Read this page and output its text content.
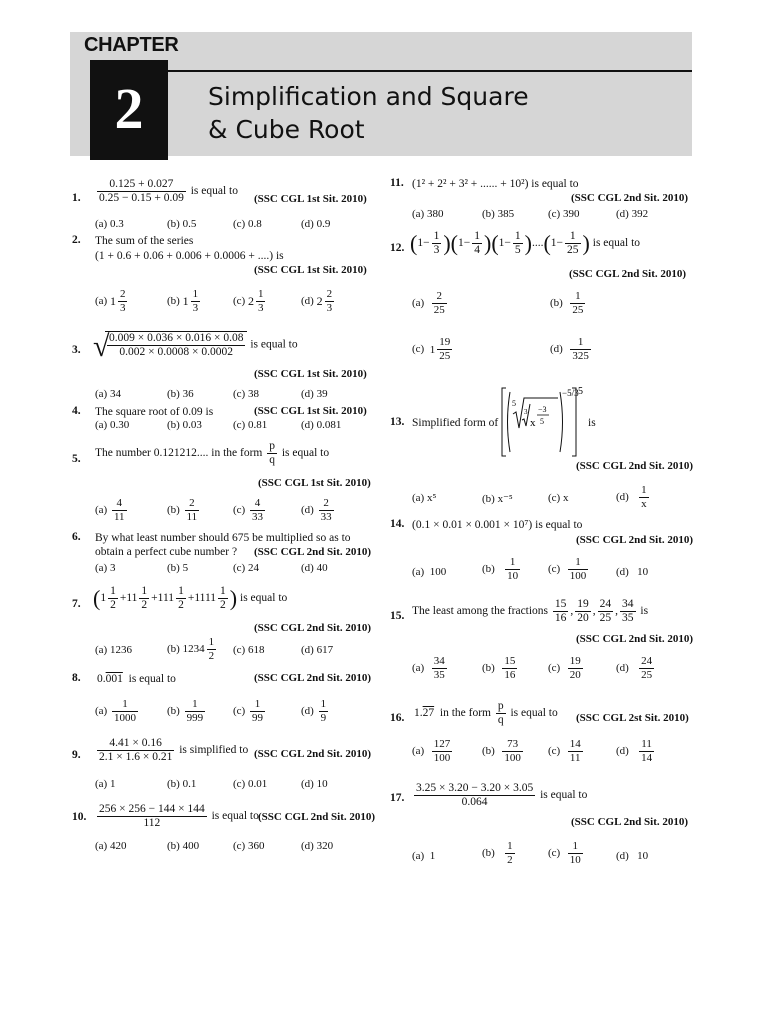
CHAPTER
2	Simplification and Square
& Cube Root
1. $\frac{0.125 + 0.027}{0.25 - 0.15 + 0.09}$ is equal to
(SSC CGL 1st Sit. 2010)
(a) 0.3	(b) 0.5	(c) 0.8	(d) 0.9
2. The sum of the series
(1 + 0.6 + 0.06 + 0.006 + 0.0006 + ....) is
(SSC CGL 1st Sit. 2010)
(a) $1 \frac{2}{3}$	(b) $1 \frac{1}{3}$	(c) $2 \frac{1}{3}$	(d) $2 \frac{2}{3}$
3. √
$\frac{0.009 \times 0.036 \times 0.016 \times 0.08}{0.002 \times 0.0008 \times 0.0002}$ is equal to
(SSC CGL 1st Sit. 2010)
(a) 34	(b) 36	(c) 38	(d) 39
4. The square root of 0.09 is	(SSC CGL 1st Sit. 2010)
(a) 0.30	(b) 0.03	(c) 0.81	(d) 0.081
5. The number 0.121212.... in the form $\frac{p}{q}$ is equal to
(SSC CGL 1st Sit. 2010)
$(a) \frac{4}{11}$	$(b) \frac{2}{11}$	$(c) \frac{4}{33}$	$(d) \frac{2}{33}$
6. By what least number should 675 be multiplied so as to
obtain a perfect cube number ? (SSC CGL 2nd Sit. 2010)
(a) 3	(b) 5	(c) 24	(d) 40
7. ($1 \frac{1}{2} +11 \frac{1}{2} +111 \frac{1}{2} +1111 \frac{1}{2}$ ) is equal to
(SSC CGL 2nd Sit. 2010)
(a) 1236	(b) $1234 \frac{1}{2} (c)$ 618	(d) 617
8. 0.001 is equal to	(SSC CGL 2nd Sit. 2010)
$(a) \frac{1}{1000}$	$(b) \frac{1}{999}$	$(c) \frac{1}{99}$	$(d) \frac{1}{9}$
9. $\frac{4.41 \times 0.16}{2.1 \times 1.6 \times 0.21}$ is simplified to (SSC CGL 2nd Sit. 2010)
(a) 1	(b) 0.1	(c) 0.01	(d) 10
10. $\frac{256 \times 256 - 144 \times 144}{112}$ is equal to (SSC CGL 2nd Sit. 2010)
(a) 420	(b) 400	(c) 360	(d) 320
11. (1² + 2² + 3² + ...... + 10²) is equal to
(SSC CGL 2nd Sit. 2010)
(a) 380	(b) 385	(c) 390	(d) 392
12. $(1- \frac{1}{3} )(1- \frac{1}{4} )(1- \frac{1}{5} )....(1- \frac{1}{25}$ ) is equal to
(SSC CGL 2nd Sit. 2010)
$(a) \frac{2}{25}$	$(b) \frac{1}{25}$
(c) $1 \frac{19}{25}$	$(d) \frac{1}{325}$
13. Simplified form of
5
3
x
−3
5
−5/3 5
is
(SSC CGL 2nd Sit. 2010)
(a) x⁵	(b) x⁻⁵	(c) x	$(d) \frac{1}{x}$
14. (0.1 × 0.01 × 0.001 × 10⁷) is equal to
(SSC CGL 2nd Sit. 2010)
(a) 100	$(b) \frac{1}{10}$	$(c) \frac{1}{100}$	(d) 10
15. The least among the fractions $\frac{15}{16}$ , $\frac{19}{20}$ , $\frac{24}{25}$ , $\frac{34}{35}$ is
(SSC CGL 2nd Sit. 2010)
$(a) \frac{34}{35}$	$(b) \frac{15}{16}$	$(c) \frac{19}{20}$	$(d) \frac{24}{25}$
16. 1.27 in the form $\frac{p}{q}$ is equal to (SSC CGL 2st Sit. 2010)
$(a) \frac{127}{100}$	$(b) \frac{73}{100} (c) \frac{14}{11}$	$(d) \frac{11}{14}$
17. $\frac{3.25 \times 3.20 - 3.20 \times 3.05}{0.064}$ is equal to
(SSC CGL 2nd Sit. 2010)
(a) 1	$(b) \frac{1}{2}$	$(c) \frac{1}{10}$	(d) 10
